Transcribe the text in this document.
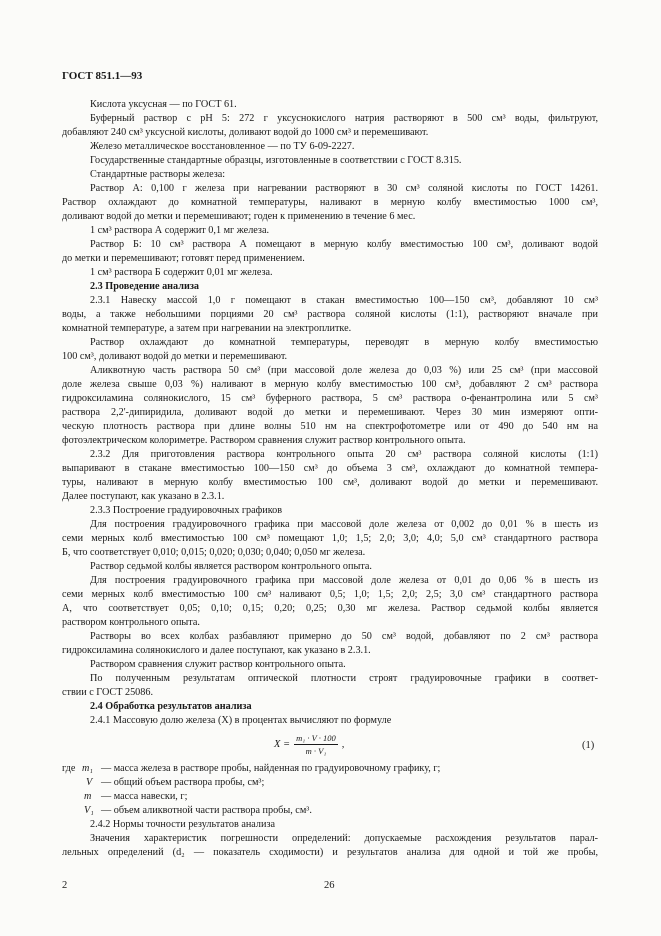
ГОСТ 851.1—93
Кислота уксусная — по ГОСТ 61.
Буферный раствор с pH 5: 272 г уксуснокислого натрия растворяют в 500 см³ воды, фильтруют,
добавляют 240 см³ уксусной кислоты, доливают водой до 1000 см³ и перемешивают.
Железо металлическое восстановленное — по ТУ 6-09-2227.
Государственные стандартные образцы, изготовленные в соответствии с ГОСТ 8.315.
Стандартные растворы железа:
Раствор А: 0,100 г железа при нагревании растворяют в 30 см³ соляной кислоты по ГОСТ 14261.
Раствор охлаждают до комнатной температуры, наливают в мерную колбу вместимостью 1000 см³,
доливают водой до метки и перемешивают; годен к применению в течение 6 мес.
1 см³ раствора А содержит 0,1 мг железа.
Раствор Б: 10 см³ раствора А помещают в мерную колбу вместимостью 100 см³, доливают водой
до метки и перемешивают; готовят перед применением.
1 см³ раствора Б содержит 0,01 мг железа.
2.3 Проведение анализа
2.3.1 Навеску массой 1,0 г помещают в стакан вместимостью 100—150 см³, добавляют 10 см³
воды, а также небольшими порциями 20 см³ раствора соляной кислоты (1:1), растворяют вначале при
комнатной температуре, а затем при нагревании на электроплитке.
Раствор охлаждают до комнатной температуры, переводят в мерную колбу вместимостью
100 см³, доливают водой до метки и перемешивают.
Аликвотную часть раствора 50 см³ (при массовой доле железа до 0,03 %) или 25 см³ (при массовой
доле железа свыше 0,03 %) наливают в мерную колбу вместимостью 100 см³, добавляют 2 см³ раствора
гидроксиламина солянокислого, 15 см³ буферного раствора, 5 см³ раствора о-фенантролина или 5 см³
раствора 2,2'-дипиридила, доливают водой до метки и перемешивают. Через 30 мин измеряют опти-
ческую плотность раствора при длине волны 510 нм на спектрофотометре или от 490 до 540 нм на
фотоэлектрическом колориметре. Раствором сравнения служит раствор контрольного опыта.
2.3.2 Для приготовления раствора контрольного опыта 20 см³ раствора соляной кислоты (1:1)
выпаривают в стакане вместимостью 100—150 см³ до объема 3 см³, охлаждают до комнатной темпера-
туры, наливают в мерную колбу вместимостью 100 см³, доливают водой до метки и перемешивают.
Далее поступают, как указано в 2.3.1.
2.3.3 Построение градуировочных графиков
Для построения градуировочного графика при массовой доле железа от 0,002 до 0,01 % в шесть из
семи мерных колб вместимостью 100 см³ помещают 1,0; 1,5; 2,0; 3,0; 4,0; 5,0 см³ стандартного раствора
Б, что соответствует 0,010; 0,015; 0,020; 0,030; 0,040; 0,050 мг железа.
Раствор седьмой колбы является раствором контрольного опыта.
Для построения градуировочного графика при массовой доле железа от 0,01 до 0,06 % в шесть из
семи мерных колб вместимостью 100 см³ наливают 0,5; 1,0; 1,5; 2,0; 2,5; 3,0 см³ стандартного раствора
А, что соответствует 0,05; 0,10; 0,15; 0,20; 0,25; 0,30 мг железа. Раствор седьмой колбы является
раствором контрольного опыта.
Растворы во всех колбах разбавляют примерно до 50 см³ водой, добавляют по 2 см³ раствора
гидроксиламина солянокислого и далее поступают, как указано в 2.3.1.
Раствором сравнения служит раствор контрольного опыта.
По полученным результатам оптической плотности строят градуировочные графики в соответ-
ствии с ГОСТ 25086.
2.4 Обработка результатов анализа
2.4.1 Массовую долю железа (X) в процентах вычисляют по формуле
$X = \frac{\text{m₁ · V · 100}}{\text{m · V₁}}$ ,	(1)
где m₁ — масса железа в растворе пробы, найденная по градуировочному графику, г;
V — общий объем раствора пробы, см³;
m — масса навески, г;
V₁ — объем аликвотной части раствора пробы, см³.
2.4.2 Нормы точности результатов анализа
Значения характеристик погрешности определений: допускаемые расхождения результатов парал-
лельных определений (d₂ — показатель сходимости) и результатов анализа для одной и той же пробы,
2	26
